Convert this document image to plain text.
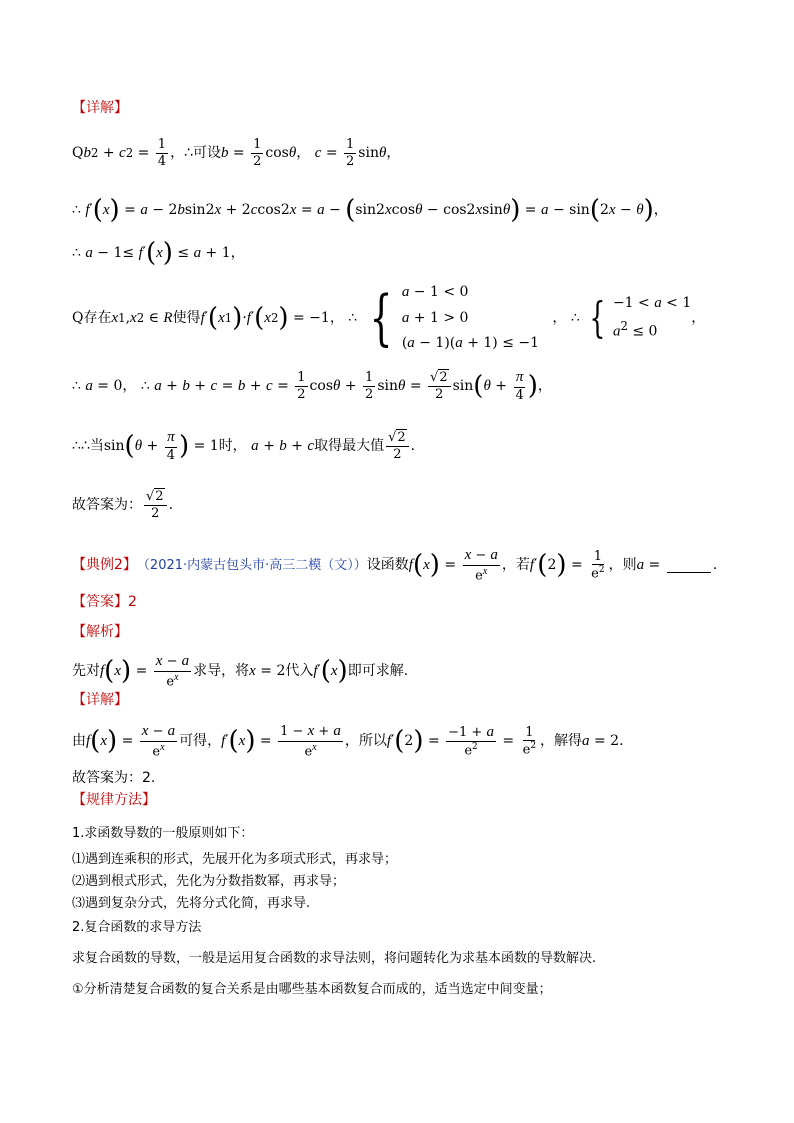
【详解】
Q b 2 + c $2 = \frac{1}{4}$ ，∴可设 $b = \frac{1}{2}$ cos θ ，
$c = \frac{1}{2}$ sin θ ，
∴ f ′ ( x ) = a − 2 b sin2 x + 2 c cos2 x = a − ( sin2 x cos θ − cos2 x sin θ ) = a − sin ( 2 x − θ ) ，
∴ a − 1≤ f ′ ( x ) ≤ a + 1 ，
Q 存在 x 1 , x 2 ∈ R 使得 f ′ ( x 1 ) · f ′ ( x 2 ) = −1 ， ∴ { a − 1 < 0
a + 1 > 0
(a − 1)(a + 1) ≤ −1

， ∴ { −1 < a < 1
$a^2 \le 0$
，
∴ a = 0 ， ∴ $a + b + c = b + c = \frac{1}{2}$ $\cos \theta + \frac{1}{2}$ $\sin \theta = \frac{√2}{2}$ sin ( $\theta + \frac{\pi}{4}$ ) ，
∴ ∴当 sin ( $\theta + \frac{\pi}{4}$ ) = 1 时，
a + b + c 取得最大值 $\frac{√2}{2}$ .
故答案为： $\frac{√2}{2}$ .
【典例2】 （2021·内蒙古包头市·高三二模（文）） 设函数 f ( x ) = $\frac{x - a}{e^x}$ ，若 f ′ ( 2 ) = $\frac{1}{e^2}$ ，则 a =	.
【答案】 2
【解析】
先对 f ( x ) = $\frac{x - a}{e^x}$ 求导，将 x = 2 代入 f ′ ( x ) 即可求解.
【详解】
由 f ( x ) = $\frac{x - a}{e^x}$ 可得， f ′ ( x ) = $\frac{1 - x + a}{e^x}$ ，所以 f ′ ( 2 ) = $\frac{-1 + a}{e^2} = \frac{1}{e^2}$ ，解得 a = 2.
故答案为：2.
【规律方法】
1.求函数导数的一般原则如下：
⑴遇到连乘积的形式，先展开化为多项式形式，再求导；
⑵遇到根式形式，先化为分数指数幂，再求导；
⑶遇到复杂分式，先将分式化简，再求导.
2.复合函数的求导方法
求复合函数的导数，一般是运用复合函数的求导法则，将问题转化为求基本函数的导数解决.
①分析清楚复合函数的复合关系是由哪些基本函数复合而成的，适当选定中间变量；
